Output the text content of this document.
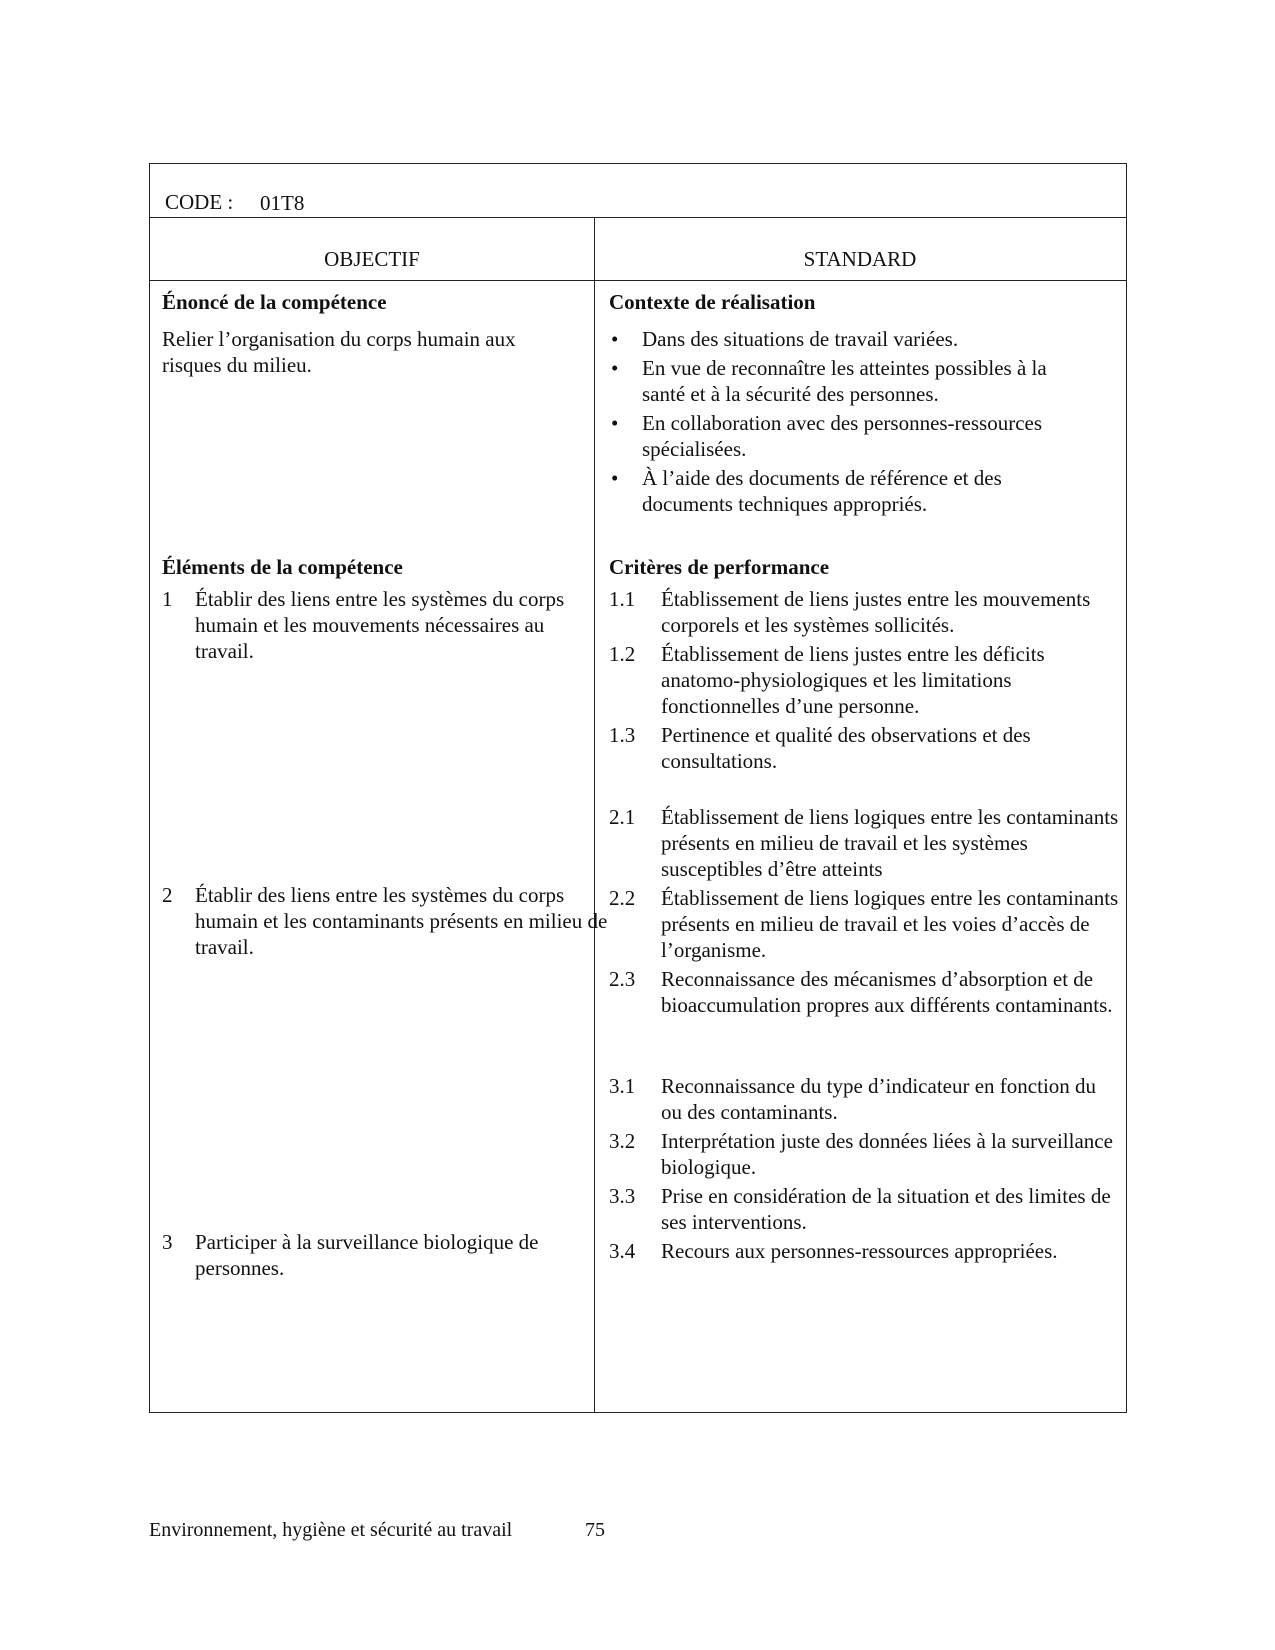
CODE : 01T8
OBJECTIF	STANDARD
Énoncé de la compétence
Relier l’organisation du corps humain aux risques du milieu.
Éléments de la compétence
1 Établir des liens entre les systèmes du corps humain et les mouvements nécessaires au travail.
2 Établir des liens entre les systèmes du corps humain et les contaminants présents en milieu de travail.
3 Participer à la surveillance biologique de personnes.
Contexte de réalisation
• Dans des situations de travail variées.
• En vue de reconnaître les atteintes possibles à la santé et à la sécurité des personnes.
• En collaboration avec des personnes-ressources spécialisées.
• À l’aide des documents de référence et des documents techniques appropriés.
Critères de performance
1.1 Établissement de liens justes entre les mouvements corporels et les systèmes sollicités.
1.2 Établissement de liens justes entre les déficits anatomo-physiologiques et les limitations fonctionnelles d’une personne.
1.3 Pertinence et qualité des observations et des consultations.
2.1 Établissement de liens logiques entre les contaminants présents en milieu de travail et les systèmes susceptibles d’être atteints
2.2 Établissement de liens logiques entre les contaminants présents en milieu de travail et les voies d’accès de l’organisme.
2.3 Reconnaissance des mécanismes d’absorption et de bioaccumulation propres aux différents contaminants.
3.1 Reconnaissance du type d’indicateur en fonction du ou des contaminants.
3.2 Interprétation juste des données liées à la surveillance biologique.
3.3 Prise en considération de la situation et des limites de ses interventions.
3.4 Recours aux personnes-ressources appropriées.
Environnement, hygiène et sécurité au travail	75
